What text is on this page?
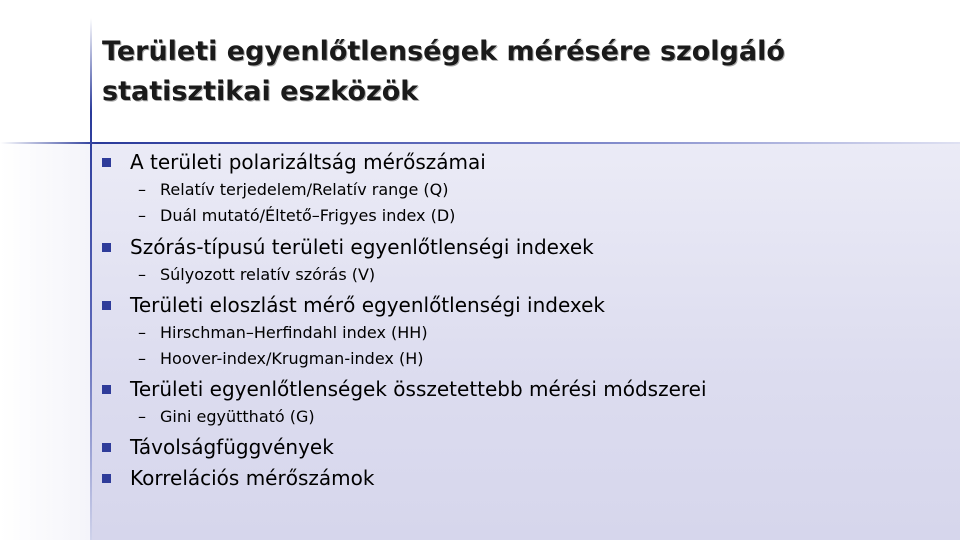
Területi egyenlőtlenségek mérésére szolgáló
statisztikai eszközök
A területi polarizáltság mérőszámai
– Relatív terjedelem/Relatív range (Q)
– Duál mutató/Éltető–Frigyes index (D)
Szórás-típusú területi egyenlőtlenségi indexek
– Súlyozott relatív szórás (V)
Területi eloszlást mérő egyenlőtlenségi indexek
– Hirschman–Herfindahl index (HH)
– Hoover-index/Krugman-index (H)
Területi egyenlőtlenségek összetettebb mérési módszerei
– Gini együttható (G)
Távolságfüggvények
Korrelációs mérőszámok
